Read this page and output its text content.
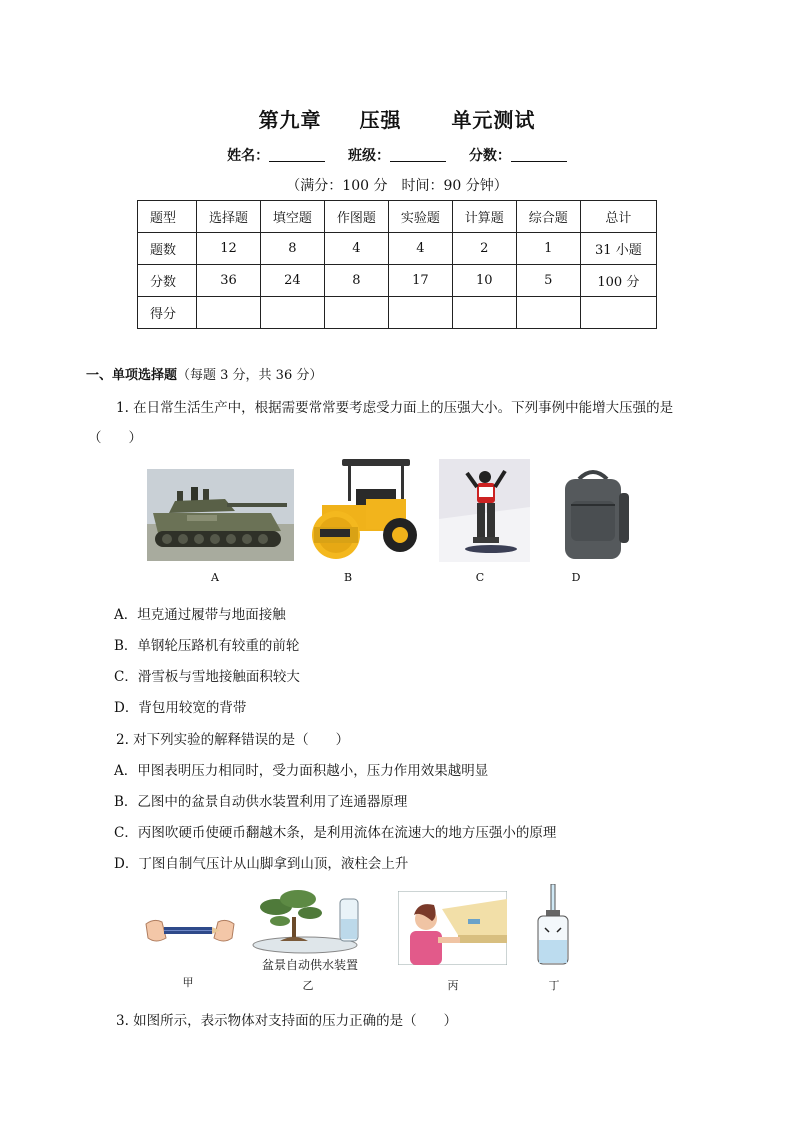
第九章 压强 单元测试
姓名：	班级：	分数：
（满分：100 分　时间：90 分钟）
题型	选择题	填空题	作图题	实验题	计算题	综合题	总计
题数	12	8	4	4	2	1	31 小题
分数	36	24	8	17	10	5	100 分
得分							
一、单项选择题（每题 3 分，共 36 分）
1. 在日常生活生产中，根据需要常常要考虑受力面上的压强大小。下列事例中能增大压强的是
（　　）
A	B	C	D
A．坦克通过履带与地面接触
B．单钢轮压路机有较重的前轮
C．滑雪板与雪地接触面积较大
D．背包用较宽的背带
2. 对下列实验的解释错误的是（　　）
A．甲图表明压力相同时，受力面积越小，压力作用效果越明显
B．乙图中的盆景自动供水装置利用了连通器原理
C．丙图吹硬币使硬币翻越木条，是利用流体在流速大的地方压强小的原理
D．丁图自制气压计从山脚拿到山顶，液柱会上升
盆景自动供水装置
甲	乙	丙	丁
3. 如图所示，表示物体对支持面的压力正确的是（　　）
